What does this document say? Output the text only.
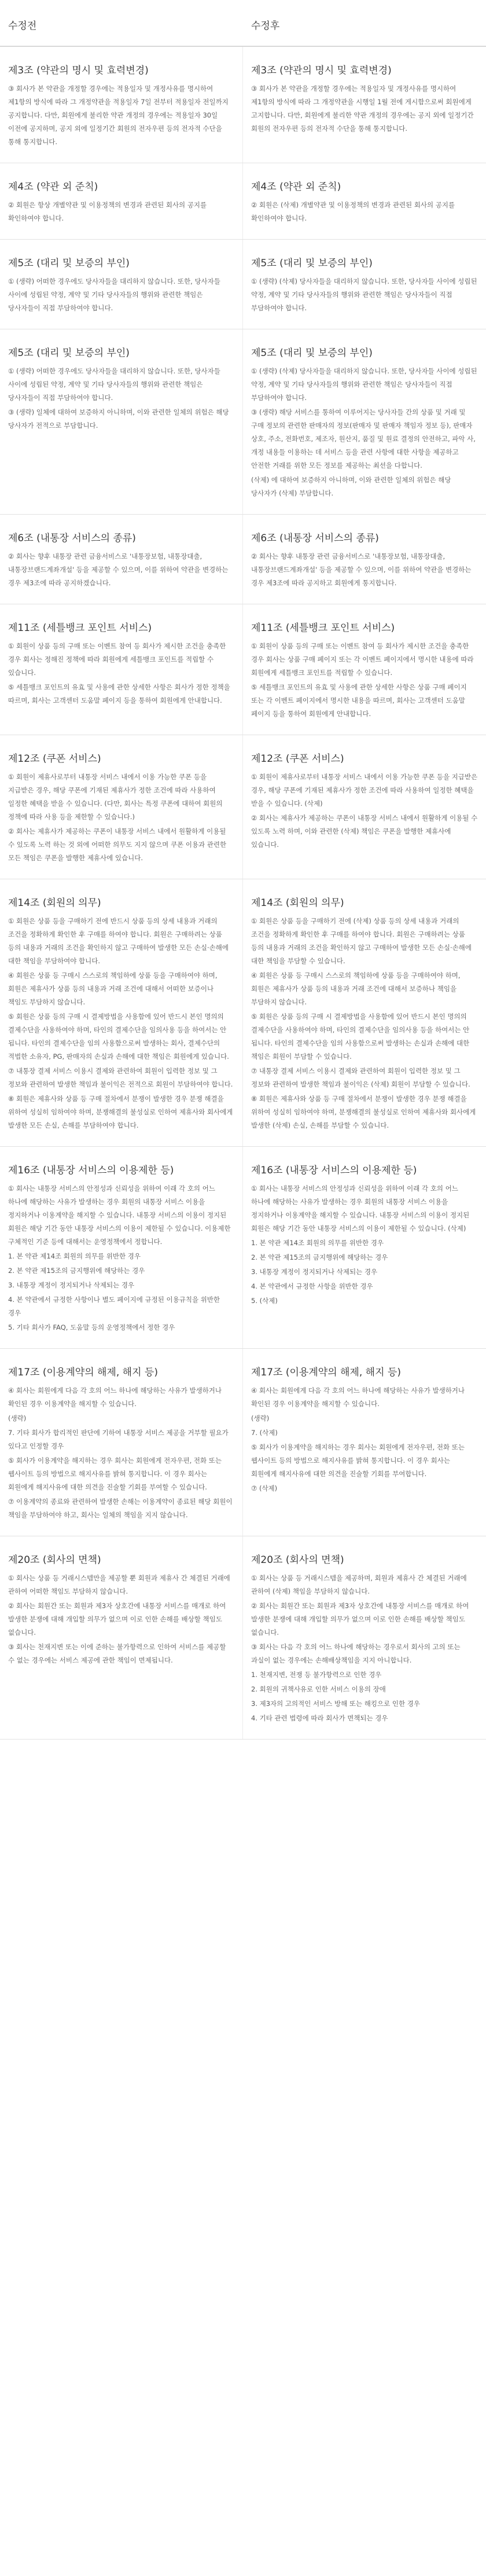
수정전	수정후
제3조 (약관의 명시 및 효력변경)
③ 회사가 본 약관을 개정할 경우에는 적용일자 및 개정사유를 명시하여 제1항의 방식에 따라 그 개정약관을 적용일자 7일 전부터 적용일자 전일까지 공지합니다. 다만, 회원에게 불리한 약관 개정의 경우에는 적용일자 30일 이전에 공지하며, 공지 외에 일정기간 회원의 전자우편 등의 전자적 수단을 통해 통지합니다.
제3조 (약관의 명시 및 효력변경)
③ 회사가 본 약관을 개정할 경우에는 적용일자 및 개정사유를 명시하여 제1항의 방식에 따라 그 개정약관을 시행일 1월 전에 게시함으로써 회원에게 고지합니다. 다만, 회원에게 불리한 약관 개정의 경우에는 공지 외에 일정기간 회원의 전자우편 등의 전자적 수단을 통해 통지합니다.
제4조 (약관 외 준칙)
② 회원은 항상 개별약관 및 이용정책의 변경과 관련된 회사의 공지를 확인하여야 합니다.
제4조 (약관 외 준칙)
② 회원은 (삭제) 개별약관 및 이용정책의 변경과 관련된 회사의 공지를 확인하여야 합니다.
제5조 (대리 및 보증의 부인)
① (생략) 어떠한 경우에도 당사자들을 대리하지 않습니다. 또한, 당사자들 사이에 성립된 약정, 계약 및 기타 당사자들의 행위와 관련한 책임은 당사자들이 직접 부담하여야 합니다.
제5조 (대리 및 보증의 부인)
① (생략) (삭제) 당사자들을 대리하지 않습니다. 또한, 당사자들 사이에 성립된 약정, 계약 및 기타 당사자들의 행위와 관련한 책임은 당사자들이 직접 부담하여야 합니다.
제5조 (대리 및 보증의 부인)
① (생략) 어떠한 경우에도 당사자들을 대리하지 않습니다. 또한, 당사자들 사이에 성립된 약정, 계약 및 기타 당사자들의 행위와 관련한 책임은 당사자들이 직접 부담하여야 합니다.
③ (생략) 일체에 대하여 보증하지 아니하며, 이와 관련한 일체의 위험은 해당 당사자가 전적으로 부담합니다.
제5조 (대리 및 보증의 부인)
① (생략) (삭제) 당사자들을 대리하지 않습니다. 또한, 당사자들 사이에 성립된 약정, 계약 및 기타 당사자들의 행위와 관련한 책임은 당사자들이 직접 부담하여야 합니다.
③ (생략) 해당 서비스를 통하여 이루어지는 당사자들 간의 상품 및 거래 및 구매 정보의 관련한 판매자의 정보(판매자 및 판매자 책임자 정보 등), 판매자 상호, 주소, 전화번호, 제조자, 원산지, 품질 및 원료 결정의 안전하고, 파악 사, 개정 내용들 이용하는 데 서비스 등을 관련 사항에 대한 사항을 제공하고 안전한 거래를 위한 모든 정보를 제공하는 최선을 다합니다.
(삭제) 에 대하여 보증하지 아니하며, 이와 관련한 일체의 위험은 해당 당사자가 (삭제) 부담합니다.
제6조 (내통장 서비스의 종류)
② 회사는 향후 내통장 관련 금융서비스로 '내통장보험, 내통장대출, 내통장브랜드계좌개설' 등을 제공할 수 있으며, 이를 위하여 약관을 변경하는 경우 제3조에 따라 공지하겠습니다.
제6조 (내통장 서비스의 종류)
② 회사는 향후 내통장 관련 금융서비스로 '내통장보험, 내통장대출, 내통장브랜드계좌개설' 등을 제공할 수 있으며, 이를 위하여 약관을 변경하는 경우 제3조에 따라 공지하고 회원에게 통지합니다.
제11조 (세틀뱅크 포인트 서비스)
① 회원이 상품 등의 구매 또는 이벤트 참여 등 회사가 제시한 조건을 충족한 경우 회사는 정해진 정책에 따라 회원에게 세틀뱅크 포인트를 적립할 수 있습니다.
⑤ 세틀뱅크 포인트의 유효 및 사용에 관한 상세한 사항은 회사가 정한 정책을 따르며, 회사는 고객센터 도움말 페이지 등을 통하여 회원에게 안내합니다.
제11조 (세틀뱅크 포인트 서비스)
① 회원이 상품 등의 구매 또는 이벤트 참여 등 회사가 제시한 조건을 충족한 경우 회사는 상품 구매 페이지 또는 각 이벤트 페이지에서 명시한 내용에 따라 회원에게 세틀뱅크 포인트를 적립할 수 있습니다.
⑤ 세틀뱅크 포인트의 유효 및 사용에 관한 상세한 사항은 상품 구매 페이지 또는 각 이벤트 페이지에서 명시한 내용을 따르며, 회사는 고객센터 도움말 페이지 등을 통하여 회원에게 안내합니다.
제12조 (쿠폰 서비스)
① 회원이 제휴사로부터 내통장 서비스 내에서 이용 가능한 쿠폰 등을 지급받은 경우, 해당 쿠폰에 기재된 제휴사가 정한 조건에 따라 사용하여 일정한 혜택을 받을 수 있습니다. (다만, 회사는 특정 쿠폰에 대하여 회원의 정책에 따라 사용 등을 제한할 수 있습니다.)
② 회사는 제휴사가 제공하는 쿠폰이 내통장 서비스 내에서 원활하게 이용될 수 있도록 노력 하는 것 외에 어떠한 의무도 지지 않으며 쿠폰 이용과 관련한 모든 책임은 쿠폰을 발행한 제휴사에 있습니다.
제12조 (쿠폰 서비스)
① 회원이 제휴사로부터 내통장 서비스 내에서 이용 가능한 쿠폰 등을 지급받은 경우, 해당 쿠폰에 기재된 제휴사가 정한 조건에 따라 사용하여 일정한 혜택을 받을 수 있습니다. (삭제)
② 회사는 제휴사가 제공하는 쿠폰이 내통장 서비스 내에서 원활하게 이용될 수 있도록 노력 하며, 이와 관련한 (삭제) 책임은 쿠폰을 발행한 제휴사에 있습니다.
제14조 (회원의 의무)
① 회원은 상품 등을 구매하기 전에 반드시 상품 등의 상세 내용과 거래의 조건을 정확하게 확인한 후 구매를 하여야 합니다. 회원은 구매하려는 상품 등의 내용과 거래의 조건을 확인하지 않고 구매하여 발생한 모든 손실·손해에 대한 책임을 부담하여야 합니다.
④ 회원은 상품 등 구매시 스스로의 책임하에 상품 등을 구매하여야 하며, 회원은 제휴사가 상품 등의 내용과 거래 조건에 대해서 어떠한 보증이나 책임도 부담하지 않습니다.
⑤ 회원은 상품 등의 구매 시 결제방법을 사용함에 있어 반드시 본인 명의의 결제수단을 사용하여야 하며, 타인의 결제수단을 임의사용 등을 하여서는 안 됩니다. 타인의 결제수단을 임의 사용함으로써 발생하는 회사, 결제수단의 적법한 소유자, PG, 판매자의 손실과 손해에 대한 책임은 회원에게 있습니다.
⑦ 내통장 결제 서비스 이용시 결제와 관련하여 회원이 입력한 정보 및 그 정보와 관련하여 발생한 책임과 불이익은 전적으로 회원이 부담하여야 합니다.
⑧ 회원은 제휴사와 상품 등 구매 절차에서 분쟁이 발생한 경우 분쟁 해결을 위하여 성실히 임하여야 하며, 분쟁해결의 불성실로 인하여 제휴사와 회사에게 발생한 모든 손실, 손해를 부담하여야 합니다.
제14조 (회원의 의무)
① 회원은 상품 등을 구매하기 전에 (삭제) 상품 등의 상세 내용과 거래의 조건을 정확하게 확인한 후 구매를 하여야 합니다. 회원은 구매하려는 상품 등의 내용과 거래의 조건을 확인하지 않고 구매하여 발생한 모든 손실·손해에 대한 책임을 부담할 수 있습니다.
④ 회원은 상품 등 구매시 스스로의 책임하에 상품 등을 구매하여야 하며, 회원은 제휴사가 상품 등의 내용과 거래 조건에 대해서 보증하나 책임을 부담하지 않습니다.
⑤ 회원은 상품 등의 구매 시 결제방법을 사용함에 있어 반드시 본인 명의의 결제수단을 사용하여야 하며, 타인의 결제수단을 임의사용 등을 하여서는 안 됩니다. 타인의 결제수단을 임의 사용함으로써 발생하는 손실과 손해에 대한 책임은 회원이 부담할 수 있습니다.
⑦ 내통장 결제 서비스 이용시 결제와 관련하여 회원이 입력한 정보 및 그 정보와 관련하여 발생한 책임과 불이익은 (삭제) 회원이 부담할 수 있습니다.
⑧ 회원은 제휴사와 상품 등 구매 절차에서 분쟁이 발생한 경우 분쟁 해결을 위하여 성실히 임하여야 하며, 분쟁해결의 불성실로 인하여 제휴사와 회사에게 발생한 (삭제) 손실, 손해를 부담할 수 있습니다.
제16조 (내통장 서비스의 이용제한 등)
① 회사는 내통장 서비스의 안정성과 신뢰성을 위하여 이래 각 호의 어느 하나에 해당하는 사유가 발생하는 경우 회원의 내통장 서비스 이용을 정지하거나 이용계약을 해지할 수 있습니다. 내통장 서비스의 이용이 정지된 회원은 해당 기간 동안 내통장 서비스의 이용이 제한될 수 있습니다. 이용제한 구체적인 기준 등에 대해서는 운영정책에서 정합니다.
1. 본 약관 제14조 회원의 의무를 위반한 경우
2. 본 약관 제15조의 금지행위에 해당하는 경우
3. 내통장 계정이 정지되거나 삭제되는 경우
4. 본 약관에서 규정한 사항이나 별도 페이지에 규정된 이용규칙을 위반한 경우
5. 기타 회사가 FAQ, 도움말 등의 운영정책에서 정한 경우
제16조 (내통장 서비스의 이용제한 등)
① 회사는 내통장 서비스의 안정성과 신뢰성을 위하여 이래 각 호의 어느 하나에 해당하는 사유가 발생하는 경우 회원의 내통장 서비스 이용을 정지하거나 이용계약을 해지할 수 있습니다. 내통장 서비스의 이용이 정지된 회원은 해당 기간 동안 내통장 서비스의 이용이 제한될 수 있습니다. (삭제)
1. 본 약관 제14조 회원의 의무를 위반한 경우
2. 본 약관 제15조의 금지행위에 해당하는 경우
3. 내통장 계정이 정지되거나 삭제되는 경우
4. 본 약관에서 규정한 사항을 위반한 경우
5. (삭제)
제17조 (이용계약의 해제, 해지 등)
④ 회사는 회원에게 다음 각 호의 어느 하나에 해당하는 사유가 발생하거나 확인된 경우 이용계약을 해지할 수 있습니다.
(생략)
7. 기타 회사가 합리적인 판단에 기하여 내통장 서비스 제공을 거부할 필요가 있다고 인정할 경우
⑤ 회사가 이용계약을 해지하는 경우 회사는 회원에게 전자우편, 전화 또는 웹사이트 등의 방법으로 해지사유를 밝혀 통지합니다. 이 경우 회사는 회원에게 해지사유에 대한 의견을 진술할 기회를 부여할 수 있습니다.
⑦ 이용계약의 종료와 관련하여 발생한 손해는 이용계약이 종료된 해당 회원이 책임을 부담하여야 하고, 회사는 일체의 책임을 지지 않습니다.
제17조 (이용계약의 해제, 해지 등)
④ 회사는 회원에게 다음 각 호의 어느 하나에 해당하는 사유가 발생하거나 확인된 경우 이용계약을 해지할 수 있습니다.
(생략)
7. (삭제)
⑤ 회사가 이용계약을 해지하는 경우 회사는 회원에게 전자우편, 전화 또는 웹사이트 등의 방법으로 해지사유를 밝혀 통지합니다. 이 경우 회사는 회원에게 해지사유에 대한 의견을 진술할 기회를 부여합니다.
⑦ (삭제)
제20조 (회사의 면책)
① 회사는 상품 등 거래시스템만을 제공할 뿐 회원과 제휴사 간 체결된 거래에 관하여 어떠한 책임도 부담하지 않습니다.
② 회사는 회원간 또는 회원과 제3자 상호간에 내통장 서비스를 매개로 하여 발생한 분쟁에 대해 개입할 의무가 없으며 이로 인한 손해를 배상할 책임도 없습니다.
③ 회사는 천재지변 또는 이에 준하는 불가항력으로 인하여 서비스를 제공할 수 없는 경우에는 서비스 제공에 관한 책임이 면제됩니다.
제20조 (회사의 면책)
① 회사는 상품 등 거래시스템을 제공하며, 회원과 제휴사 간 체결된 거래에 관하여 (삭제) 책임을 부담하지 않습니다.
② 회사는 회원간 또는 회원과 제3자 상호간에 내통장 서비스를 매개로 하여 발생한 분쟁에 대해 개입할 의무가 없으며 이로 인한 손해를 배상할 책임도 없습니다.
③ 회사는 다음 각 호의 어느 하나에 해당하는 경우로서 회사의 고의 또는 과실이 없는 경우에는 손해배상책임을 지지 아니합니다.
1. 천재지변, 전쟁 등 불가항력으로 인한 경우
2. 회원의 귀책사유로 인한 서비스 이용의 장애
3. 제3자의 고의적인 서비스 방해 또는 해킹으로 인한 경우
4. 기타 관련 법령에 따라 회사가 면책되는 경우
